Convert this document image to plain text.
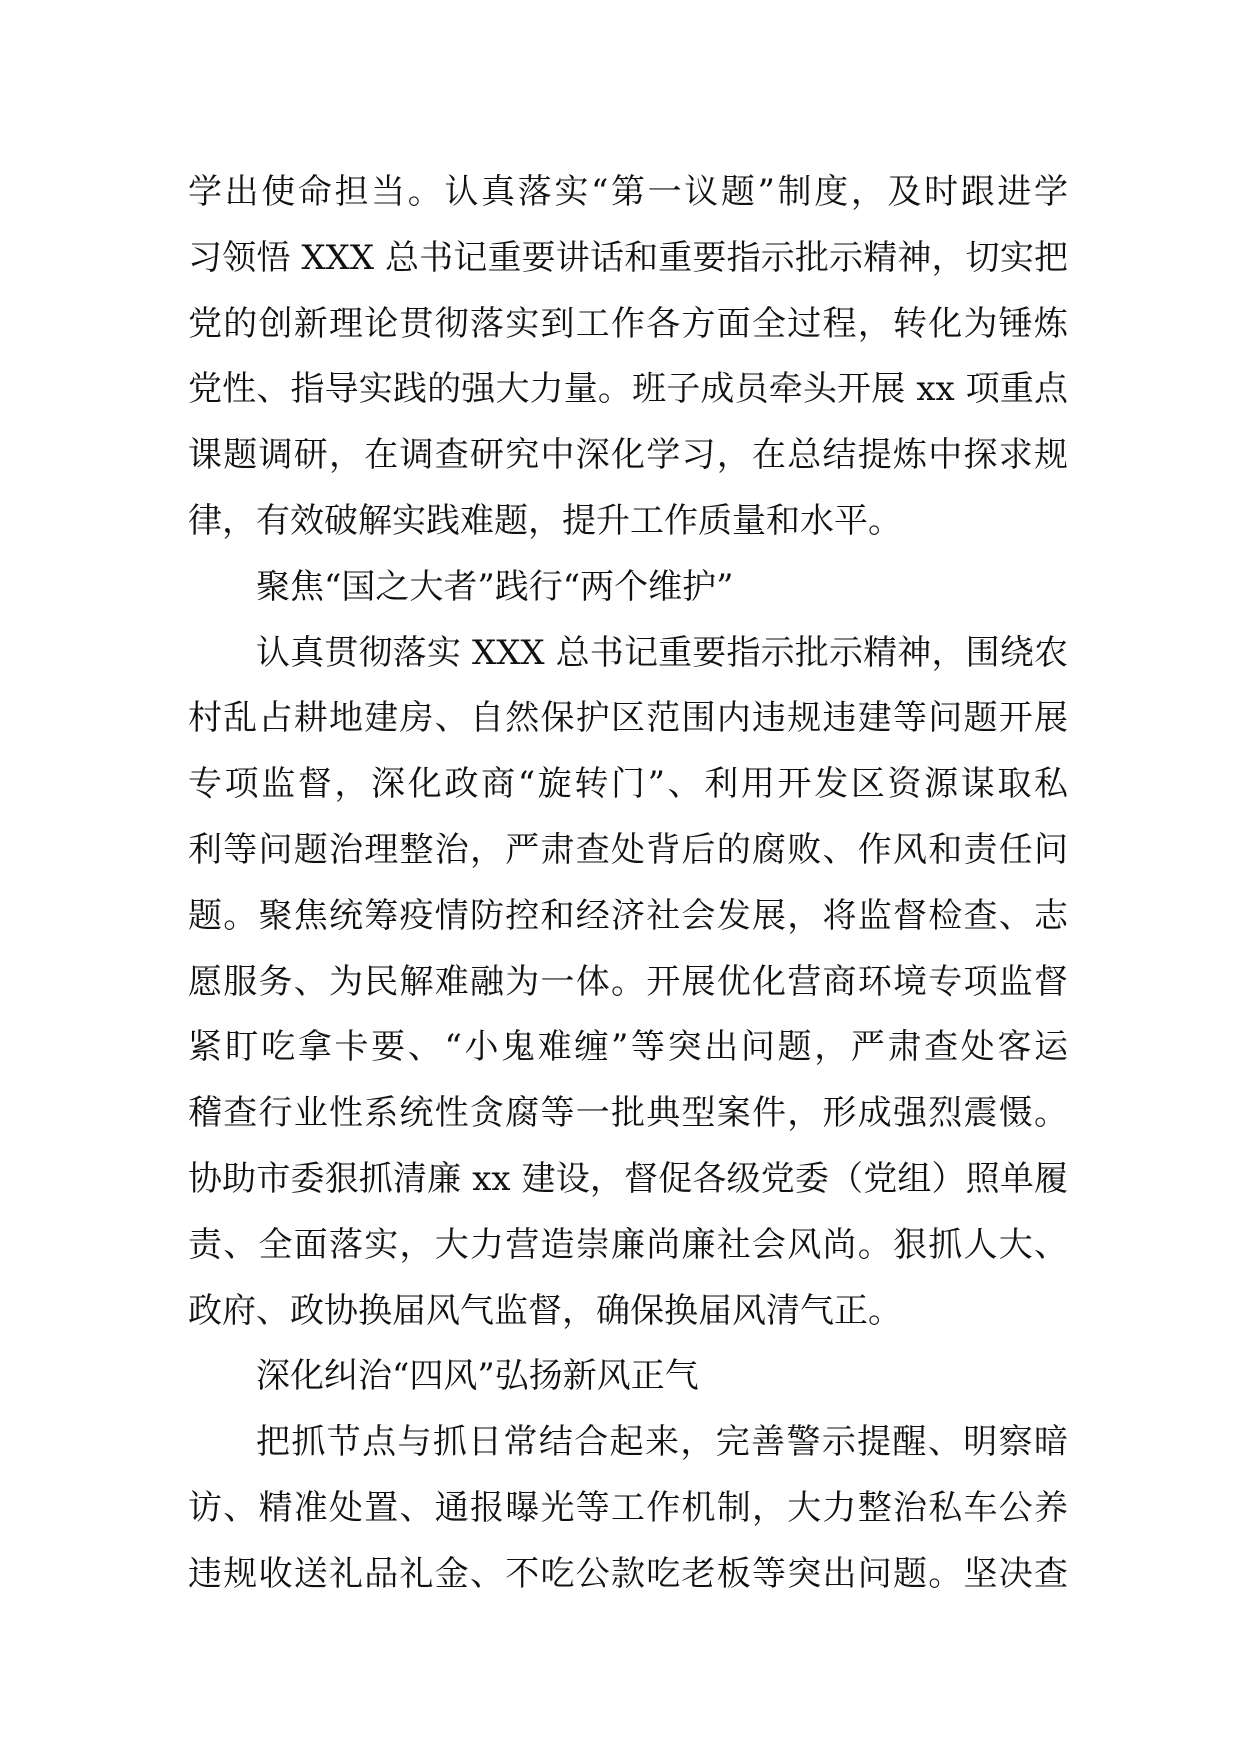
学出使命担当。认真落实“第一议题”制度，及时跟进学
习领悟 XXX 总书记重要讲话和重要指示批示精神，切实把
党的创新理论贯彻落实到工作各方面全过程，转化为锤炼
党性、指导实践的强大力量。班子成员牵头开展 xx 项重点
课题调研，在调查研究中深化学习，在总结提炼中探求规
律，有效破解实践难题，提升工作质量和水平。
聚焦“国之大者”践行“两个维护”
认真贯彻落实 XXX 总书记重要指示批示精神，围绕农
村乱占耕地建房、自然保护区范围内违规违建等问题开展
专项监督，深化政商“旋转门”、利用开发区资源谋取私
利等问题治理整治，严肃查处背后的腐败、作风和责任问
题。聚焦统筹疫情防控和经济社会发展，将监督检查、志
愿服务、为民解难融为一体。开展优化营商环境专项监督
紧盯吃拿卡要、“小鬼难缠”等突出问题，严肃查处客运
稽查行业性系统性贪腐等一批典型案件，形成强烈震慑。
协助市委狠抓清廉 xx 建设，督促各级党委（党组）照单履
责、全面落实，大力营造崇廉尚廉社会风尚。狠抓人大、
政府、政协换届风气监督，确保换届风清气正。
深化纠治“四风”弘扬新风正气
把抓节点与抓日常结合起来，完善警示提醒、明察暗
访、精准处置、通报曝光等工作机制，大力整治私车公养
违规收送礼品礼金、不吃公款吃老板等突出问题。坚决查
